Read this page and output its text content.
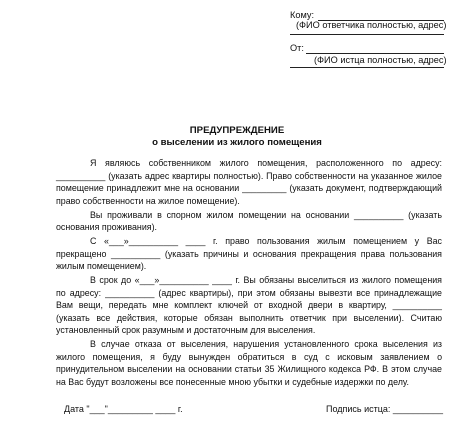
Кому:
(ФИО ответчика полностью, адрес)
От:
(ФИО истца полностью, адрес)
ПРЕДУПРЕЖДЕНИЕ
о выселении из жилого помещения

Я являюсь собственником жилого помещения, расположенного по адресу: __________ (указать адрес квартиры полностью). Право собственности на указанное жилое помещение принадлежит мне на основании _________ (указать документ, подтверждающий право собственности на жилое помещение).

Вы проживали в спорном жилом помещении на основании __________ (указать основания проживания).

С «___»__________ ____ г. право пользования жилым помещением у Вас прекращено __________ (указать причины и основания прекращения права пользования жилым помещением).

В срок до «___»__________ ____ г. Вы обязаны выселиться из жилого помещения по адресу: __________ (адрес квартиры), при этом обязаны вывезти все принадлежащие Вам вещи, передать мне комплект ключей от входной двери в квартиру, __________ (указать все действия, которые обязан выполнить ответчик при выселении). Считаю установленный срок разумным и достаточным для выселения.

В случае отказа от выселения, нарушения установленного срока выселения из жилого помещения, я буду вынужден обратиться в суд с исковым заявлением о принудительном выселении на основании статьи 35 Жилищного кодекса РФ. В этом случае на Вас будут возложены все понесенные мною убытки и судебные издержки по делу.

Дата "___"_________ ____ г.	Подпись истца: __________
